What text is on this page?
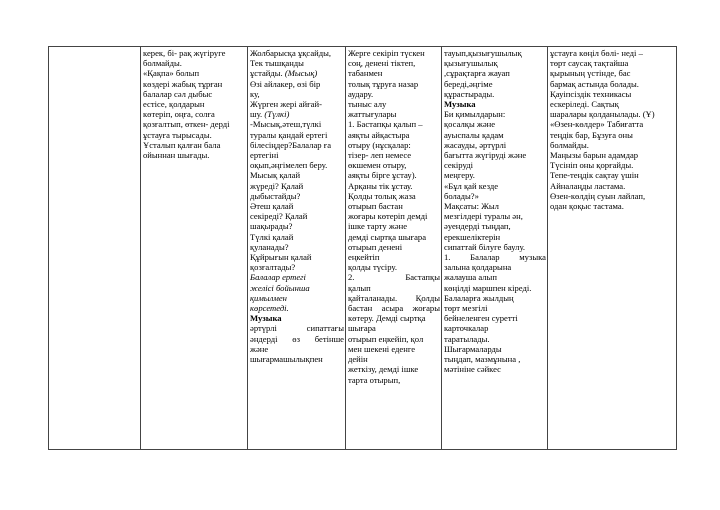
керек, бі- рақ жүгіруге
болмайды.
«Қақпа» болып
көздері жабық тұрған
балалар сәл дыбыс
естісе, қолдарын
көтеріп, оңға, солға
қозғалтып, өткен- дерді
ұстауға тырысады.
Ұсталып қалған бала
ойыннан шығады.

Жолбарысқа ұқсайды,
Тек тышқанды
ұстайды. (Мысық)
Өзі айлакер, өзі бір
ку,
Жүрген жері айғай-
шу. (Түлкі)
-Мысық,әтеш,түлкі
туралы қандай ертегі
білесіңдер?Балалар ға
ертегіні
оқып,әңгімелеп беру.
Мысық қалай
жүреді? Қалай
дыбыстайды?
Әтеш қалай
секіреді? Қалай
шақырады?
Түлкі қалай
қуланады?
Құйрығын қалай
қозғалтады?
Балалар ертегі
желісі бойынша
қимылмен
көрсетеді.
Музыка
әртүрлі сипаттағы
әндерді өз бетінше
және
шығармашылықпен

Жерге секіріп түскен
соң, денені тіктеп,
табанмен
толық тұруға назар
аудару.
тыныс алу
жаттығулары
1. Бастапқы қалып –
аяқты айқастыра
отыру (нұсқалар:
тізер- леп немесе
өкшемен отыру,
аяқты бірге ұстау).
Арқаны тік ұстау.
Қолды толық жаза
отырып бастан
жоғары көтеріп демді
ішке тарту және
демді сыртқа шығара
отырып денені
еңкейтіп
қолды түсіру.
2. Бастапқы
қалып
қайталанады. Қолды
бастан асыра жоғары
көтеру. Демді сыртқа
шығара
отырып еңкейіп, қол
мен шекені еденге
дейін
жеткізу, демді ішке
тарта отырып,

тауып,қызығушылық
қызығушылық
,сұрақтарға жауап
береді,әңгіме
құрастырады.
Музыка
Би қимылдарын:
қосалқы және
ауыспалы қадам
жасауды, әртүрлі
бағытта жүгіруді және
секіруді
меңгеру.
«Бұл қай кезде
болады?»
Мақсаты: Жыл
мезгілдері туралы ән,
әуендерді тыңдап,
ерекшеліктерін
сипаттай білуге баулу.
1. Балалар музыка
залына қолдарына
жалауша алып
көңілді маршпен кіреді.
Балаларға жылдың
төрт мезгілі
бейнеленген суретті
карточкалар
таратылады.
Шығармаларды
тыңдап, мазмұнына ,
мәтініне сәйкес

ұстауға көңіл бөлі- неді –
төрт саусақ тақтайша
қырының үстінде, бас
бармақ астында болады.
Қауіпсіздік техникасы
ескеріледі. Сақтық
шаралары қолданылады. (Ұ)
«Өзен-көлдер» Табиғатта
теңдік бар, Бұзуға оны
болмайды.
Маңызы барын адамдар
Түсініп оны қорғайды.
Тепе-теңдік сақтау үшін
Айналаңды ластама.
Өзен-көлдің суын лайлап,
одан қоқыс тастама.
